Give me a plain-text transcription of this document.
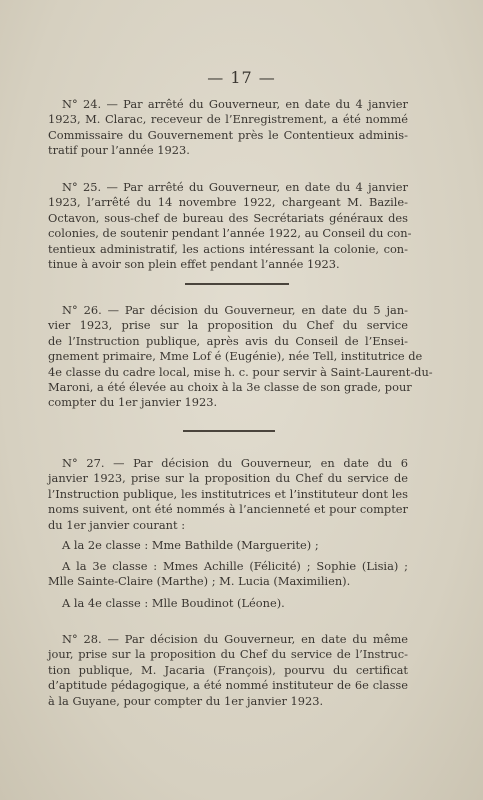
— 17 —
N° 24. — Par arrêté du Gouverneur, en date du 4 janvier
1923, M. Clarac, receveur de l’Enregistrement, a été nommé
Commissaire du Gouvernement près le Contentieux adminis-
tratif pour l’année 1923.
N° 25. — Par arrêté du Gouverneur, en date du 4 janvier
1923, l’arrêté du 14 novembre 1922, chargeant M. Bazile-
Octavon, sous-chef de bureau des Secrétariats généraux des
colonies, de soutenir pendant l’année 1922, au Conseil du con-
tentieux administratif, les actions intéressant la colonie, con-
tinue à avoir son plein effet pendant l’année 1923.
N° 26. — Par décision du Gouverneur, en date du 5 jan-
vier 1923, prise sur la proposition du Chef du service
de l’Instruction publique, après avis du Conseil de l’Ensei-
gnement primaire, Mme Lof é (Eugénie), née Tell, institutrice de
4e classe du cadre local, mise h. c. pour servir à Saint-Laurent-du-
Maroni, a été élevée au choix à la 3e classe de son grade, pour
compter du 1er janvier 1923.
N° 27. — Par décision du Gouverneur, en date du 6
janvier 1923, prise sur la proposition du Chef du service de
l’Instruction publique, les institutrices et l’instituteur dont les
noms suivent, ont été nommés à l’ancienneté et pour compter
du 1er janvier courant :
A la 2e classe : Mme Bathilde (Marguerite) ;
A la 3e classe : Mmes Achille (Félicité) ; Sophie (Lisia) ;
Mlle Sainte-Claire (Marthe) ; M. Lucia (Maximilien).
A la 4e classe : Mlle Boudinot (Léone).
N° 28. — Par décision du Gouverneur, en date du même
jour, prise sur la proposition du Chef du service de l’Instruc-
tion publique, M. Jacaria (François), pourvu du certificat
d’aptitude pédagogique, a été nommé instituteur de 6e classe
à la Guyane, pour compter du 1er janvier 1923.
